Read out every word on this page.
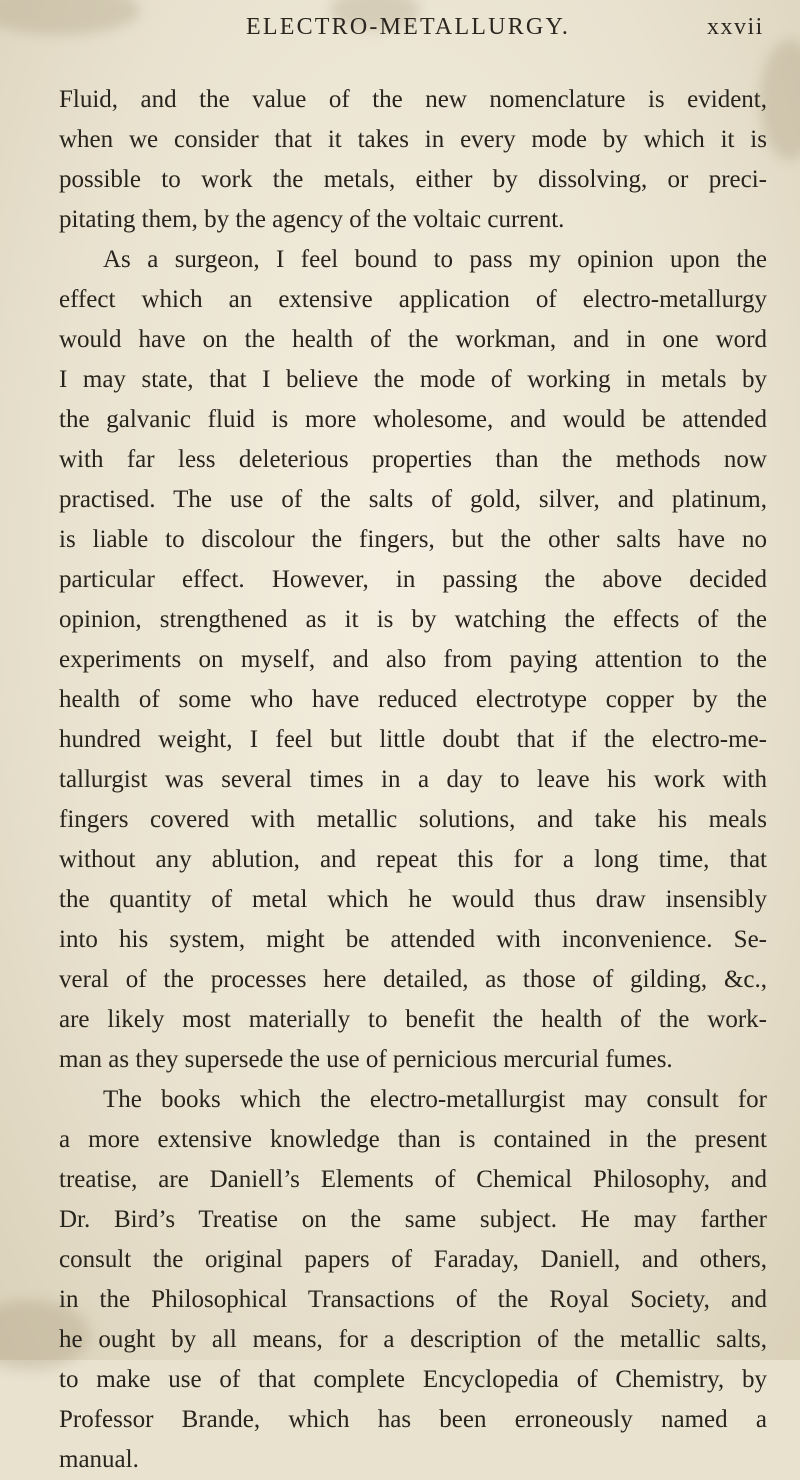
ELECTRO-METALLURGY.	xxvii
Fluid, and the value of the new nomenclature is evident,
when we consider that it takes in every mode by which it is
possible to work the metals, either by dissolving, or preci-
pitating them, by the agency of the voltaic current.
As a surgeon, I feel bound to pass my opinion upon the
effect which an extensive application of electro-metallurgy
would have on the health of the workman, and in one word
I may state, that I believe the mode of working in metals by
the galvanic fluid is more wholesome, and would be attended
with far less deleterious properties than the methods now
practised. The use of the salts of gold, silver, and platinum,
is liable to discolour the fingers, but the other salts have no
particular effect. However, in passing the above decided
opinion, strengthened as it is by watching the effects of the
experiments on myself, and also from paying attention to the
health of some who have reduced electrotype copper by the
hundred weight, I feel but little doubt that if the electro-me-
tallurgist was several times in a day to leave his work with
fingers covered with metallic solutions, and take his meals
without any ablution, and repeat this for a long time, that
the quantity of metal which he would thus draw insensibly
into his system, might be attended with inconvenience. Se-
veral of the processes here detailed, as those of gilding, &c.,
are likely most materially to benefit the health of the work-
man as they supersede the use of pernicious mercurial fumes.
The books which the electro-metallurgist may consult for
a more extensive knowledge than is contained in the present
treatise, are Daniell’s Elements of Chemical Philosophy, and
Dr. Bird’s Treatise on the same subject. He may farther
consult the original papers of Faraday, Daniell, and others,
in the Philosophical Transactions of the Royal Society, and
he ought by all means, for a description of the metallic salts,
to make use of that complete Encyclopedia of Chemistry, by
Professor Brande, which has been erroneously named a
manual.
